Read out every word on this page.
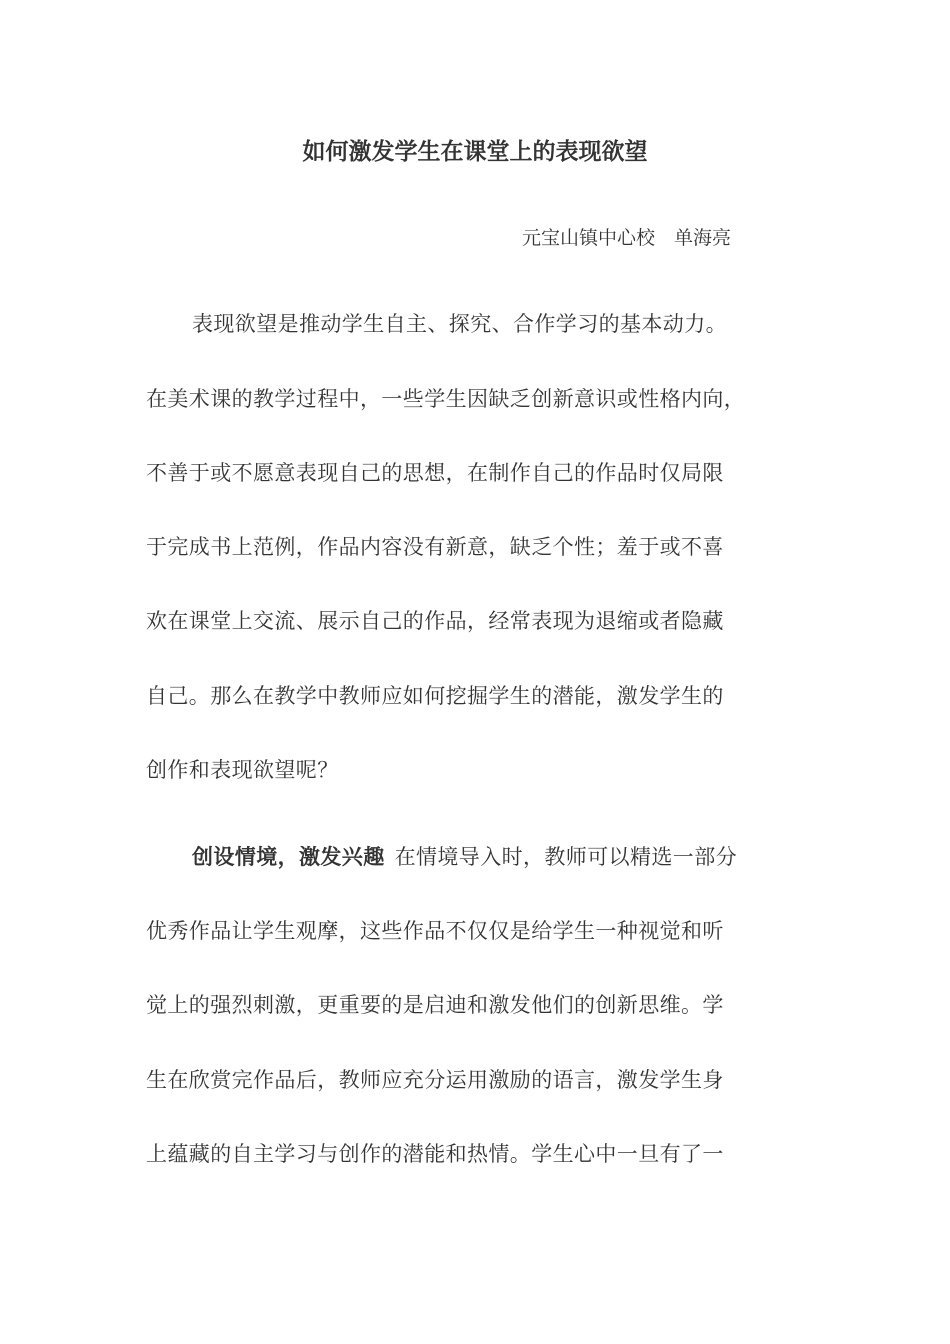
如何激发学生在课堂上的表现欲望

元宝山镇中心校　单海亮

表现欲望是推动学生自主、探究、合作学习的基本动力。

在美术课的教学过程中，一些学生因缺乏创新意识或性格内向，

不善于或不愿意表现自己的思想，在制作自己的作品时仅局限

于完成书上范例，作品内容没有新意，缺乏个性；羞于或不喜

欢在课堂上交流、展示自己的作品，经常表现为退缩或者隐藏

自己。那么在教学中教师应如何挖掘学生的潜能，激发学生的

创作和表现欲望呢？

创设情境，激发兴趣 在情境导入时，教师可以精选一部分

优秀作品让学生观摩，这些作品不仅仅是给学生一种视觉和听

觉上的强烈刺激，更重要的是启迪和激发他们的创新思维。学

生在欣赏完作品后，教师应充分运用激励的语言，激发学生身

上蕴藏的自主学习与创作的潜能和热情。学生心中一旦有了一
